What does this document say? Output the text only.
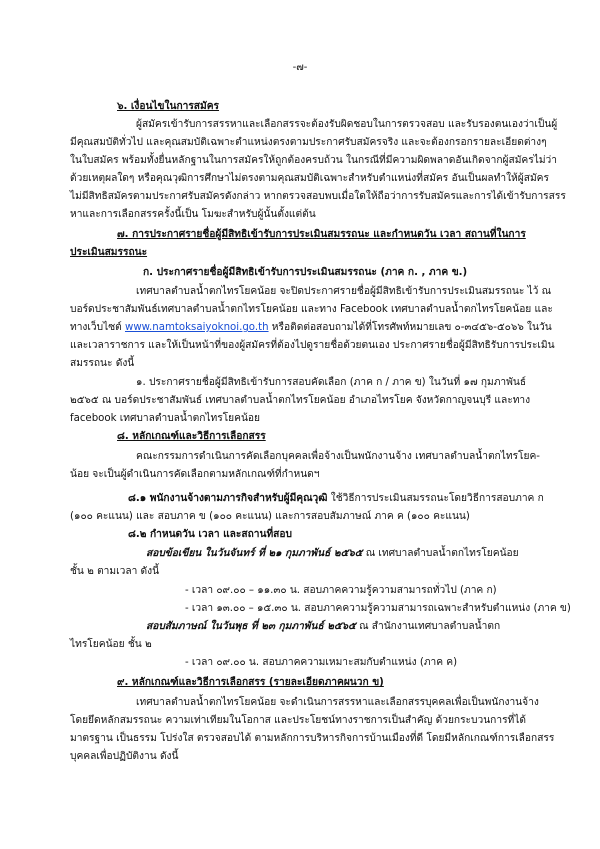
-๗-
๖. เงื่อนไขในการสมัคร
ผู้สมัครเข้ารับการสรรหาและเลือกสรรจะต้องรับผิดชอบในการตรวจสอบ และรับรองตนเองว่าเป็นผู้
มีคุณสมบัติทั่วไป และคุณสมบัติเฉพาะตำแหน่งตรงตามประกาศรับสมัครจริง และจะต้องกรอกรายละเอียดต่างๆ
ในใบสมัคร พร้อมทั้งยื่นหลักฐานในการสมัครให้ถูกต้องครบถ้วน ในกรณีที่มีความผิดพลาดอันเกิดจากผู้สมัครไม่ว่า
ด้วยเหตุผลใดๆ หรือคุณวุฒิการศึกษาไม่ตรงตามคุณสมบัติเฉพาะสำหรับตำแหน่งที่สมัคร อันเป็นผลทำให้ผู้สมัคร
ไม่มีสิทธิสมัครตามประกาศรับสมัครดังกล่าว หากตรวจสอบพบเมื่อใดให้ถือว่าการรับสมัครและการได้เข้ารับการสรร
หาและการเลือกสรรครั้งนี้เป็น โมฆะสำหรับผู้นั้นตั้งแต่ต้น
๗. การประกาศรายชื่อผู้มีสิทธิเข้ารับการประเมินสมรรถนะ และกำหนดวัน เวลา สถานที่ในการ
ประเมินสมรรถนะ
ก. ประกาศรายชื่อผู้มีสิทธิเข้ารับการประเมินสมรรถนะ (ภาค ก. , ภาค ข.)
เทศบาลตำบลน้ำตกไทรโยคน้อย จะปิดประกาศรายชื่อผู้มีสิทธิเข้ารับการประเมินสมรรถนะ ไว้ ณ
บอร์ดประชาสัมพันธ์เทศบาลตำบลน้ำตกไทรโยคน้อย และทาง Facebook เทศบาลตำบลน้ำตกไทรโยคน้อย และ
ทางเว็บไซต์ www.namtoksaiyoknoi.go.th หรือติดต่อสอบถามได้ที่โทรศัพท์หมายเลข ๐-๓๔๕๖-๕๐๖๖ ในวัน
และเวลาราชการ และให้เป็นหน้าที่ของผู้สมัครที่ต้องไปดูรายชื่อด้วยตนเอง ประกาศรายชื่อผู้มีสิทธิรับการประเมิน
สมรรถนะ ดังนี้
๑. ประกาศรายชื่อผู้มีสิทธิเข้ารับการสอบคัดเลือก (ภาค ก / ภาค ข) ในวันที่ ๑๗ กุมภาพันธ์
๒๕๖๕ ณ บอร์ดประชาสัมพันธ์ เทศบาลตำบลน้ำตกไทรโยคน้อย อำเภอไทรโยค จังหวัดกาญจนบุรี และทาง
facebook เทศบาลตำบลน้ำตกไทรโยคน้อย
๘. หลักเกณฑ์และวิธีการเลือกสรร
คณะกรรมการดำเนินการคัดเลือกบุคคลเพื่อจ้างเป็นพนักงานจ้าง เทศบาลตำบลน้ำตกไทรโยค-
น้อย จะเป็นผู้ดำเนินการคัดเลือกตามหลักเกณฑ์ที่กำหนดฯ
๘.๑ พนักงานจ้างตามภารกิจสำหรับผู้มีคุณวุฒิ ใช้วิธีการประเมินสมรรถนะโดยวิธีการสอบภาค ก
(๑๐๐ คะแนน) และ สอบภาค ข (๑๐๐ คะแนน) และการสอบสัมภาษณ์ ภาค ค (๑๐๐ คะแนน)
๘.๒ กำหนดวัน เวลา และสถานที่สอบ
สอบข้อเขียน ในวันจันทร์ ที่ ๒๑ กุมภาพันธ์ ๒๕๖๕ ณ เทศบาลตำบลน้ำตกไทรโยคน้อย
ชั้น ๒ ตามเวลา ดังนี้
- เวลา ๐๙.๐๐ – ๑๑.๓๐ น. สอบภาคความรู้ความสามารถทั่วไป (ภาค ก)
- เวลา ๑๓.๐๐ – ๑๕.๓๐ น. สอบภาคความรู้ความสามารถเฉพาะสำหรับตำแหน่ง (ภาค ข)
สอบสัมภาษณ์ ในวันพุธ ที่ ๒๓ กุมภาพันธ์ ๒๕๖๕ ณ สำนักงานเทศบาลตำบลน้ำตก
ไทรโยคน้อย ชั้น ๒
- เวลา ๐๙.๐๐ น. สอบภาคความเหมาะสมกับตำแหน่ง (ภาค ค)
๙. หลักเกณฑ์และวิธีการเลือกสรร (รายละเอียดภาคผนวก ข)
เทศบาลตำบลน้ำตกไทรโยคน้อย จะดำเนินการสรรหาและเลือกสรรบุคคลเพื่อเป็นพนักงานจ้าง
โดยยึดหลักสมรรถนะ ความเท่าเทียมในโอกาส และประโยชน์ทางราชการเป็นสำคัญ ด้วยกระบวนการที่ได้
มาตรฐาน เป็นธรรม โปร่งใส ตรวจสอบได้ ตามหลักการบริหารกิจการบ้านเมืองที่ดี โดยมีหลักเกณฑ์การเลือกสรร
บุคคลเพื่อปฏิบัติงาน ดังนี้
